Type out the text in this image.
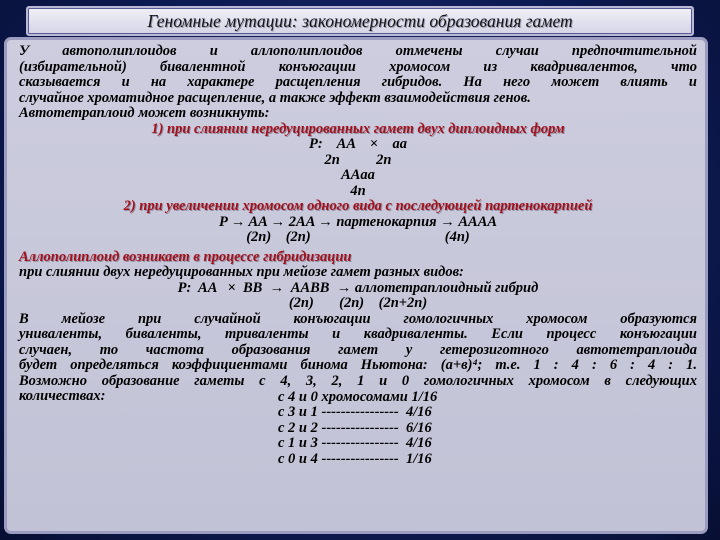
Геномные мутации: закономерности образования гамет

У автополиплоидов и аллополиплоидов отмечены случаи предпочтительной

(избирательной) бивалентной конъюгации хромосом из квадривалентов, что

сказывается и на характере расщепления гибридов. На него может влиять и

случайное хроматидное расщепление, а также эффект взаимодействия генов.

Автотетраплоид может возникнуть:

1) при слиянии нередуцированных гамет двух диплоидных форм

P:    AA    ×    aa

2n          2n

AAaa

4n

2) при увеличении хромосом одного вида с последующей партенокарпией

P → AA → 2AA → партенокарпия → AAAA

(2n)    (2n)                                     (4n)

Аллополиплоид возникает в процессе гибридизации

при слиянии двух нередуцированных при мейозе гамет разных видов:

P:  AA   ×  BB  →  AABB  → аллотетраплоидный гибрид

(2n)       (2n)    (2n+2n)

В мейозе при случайной конъюгации гомологичных хромосом образуются

униваленты, биваленты, триваленты и квадриваленты. Если процесс конъюгации

случаен, то частота образования гамет у гетерозиготного автотетраплоида

будет определяться коэффициентами бинома Ньютона: (а+в)⁴; т.е. 1 : 4 : 6 : 4 : 1.

Возможно образование гаметы с 4, 3, 2, 1 и 0 гомологичных хромосом в следующих

количествах:	с 4 и 0 хромосомами 1/16

с 3 и 1 ----------------  4/16

с 2 и 2 ----------------  6/16

с 1 и 3 ----------------  4/16

с 0 и 4 ----------------  1/16
